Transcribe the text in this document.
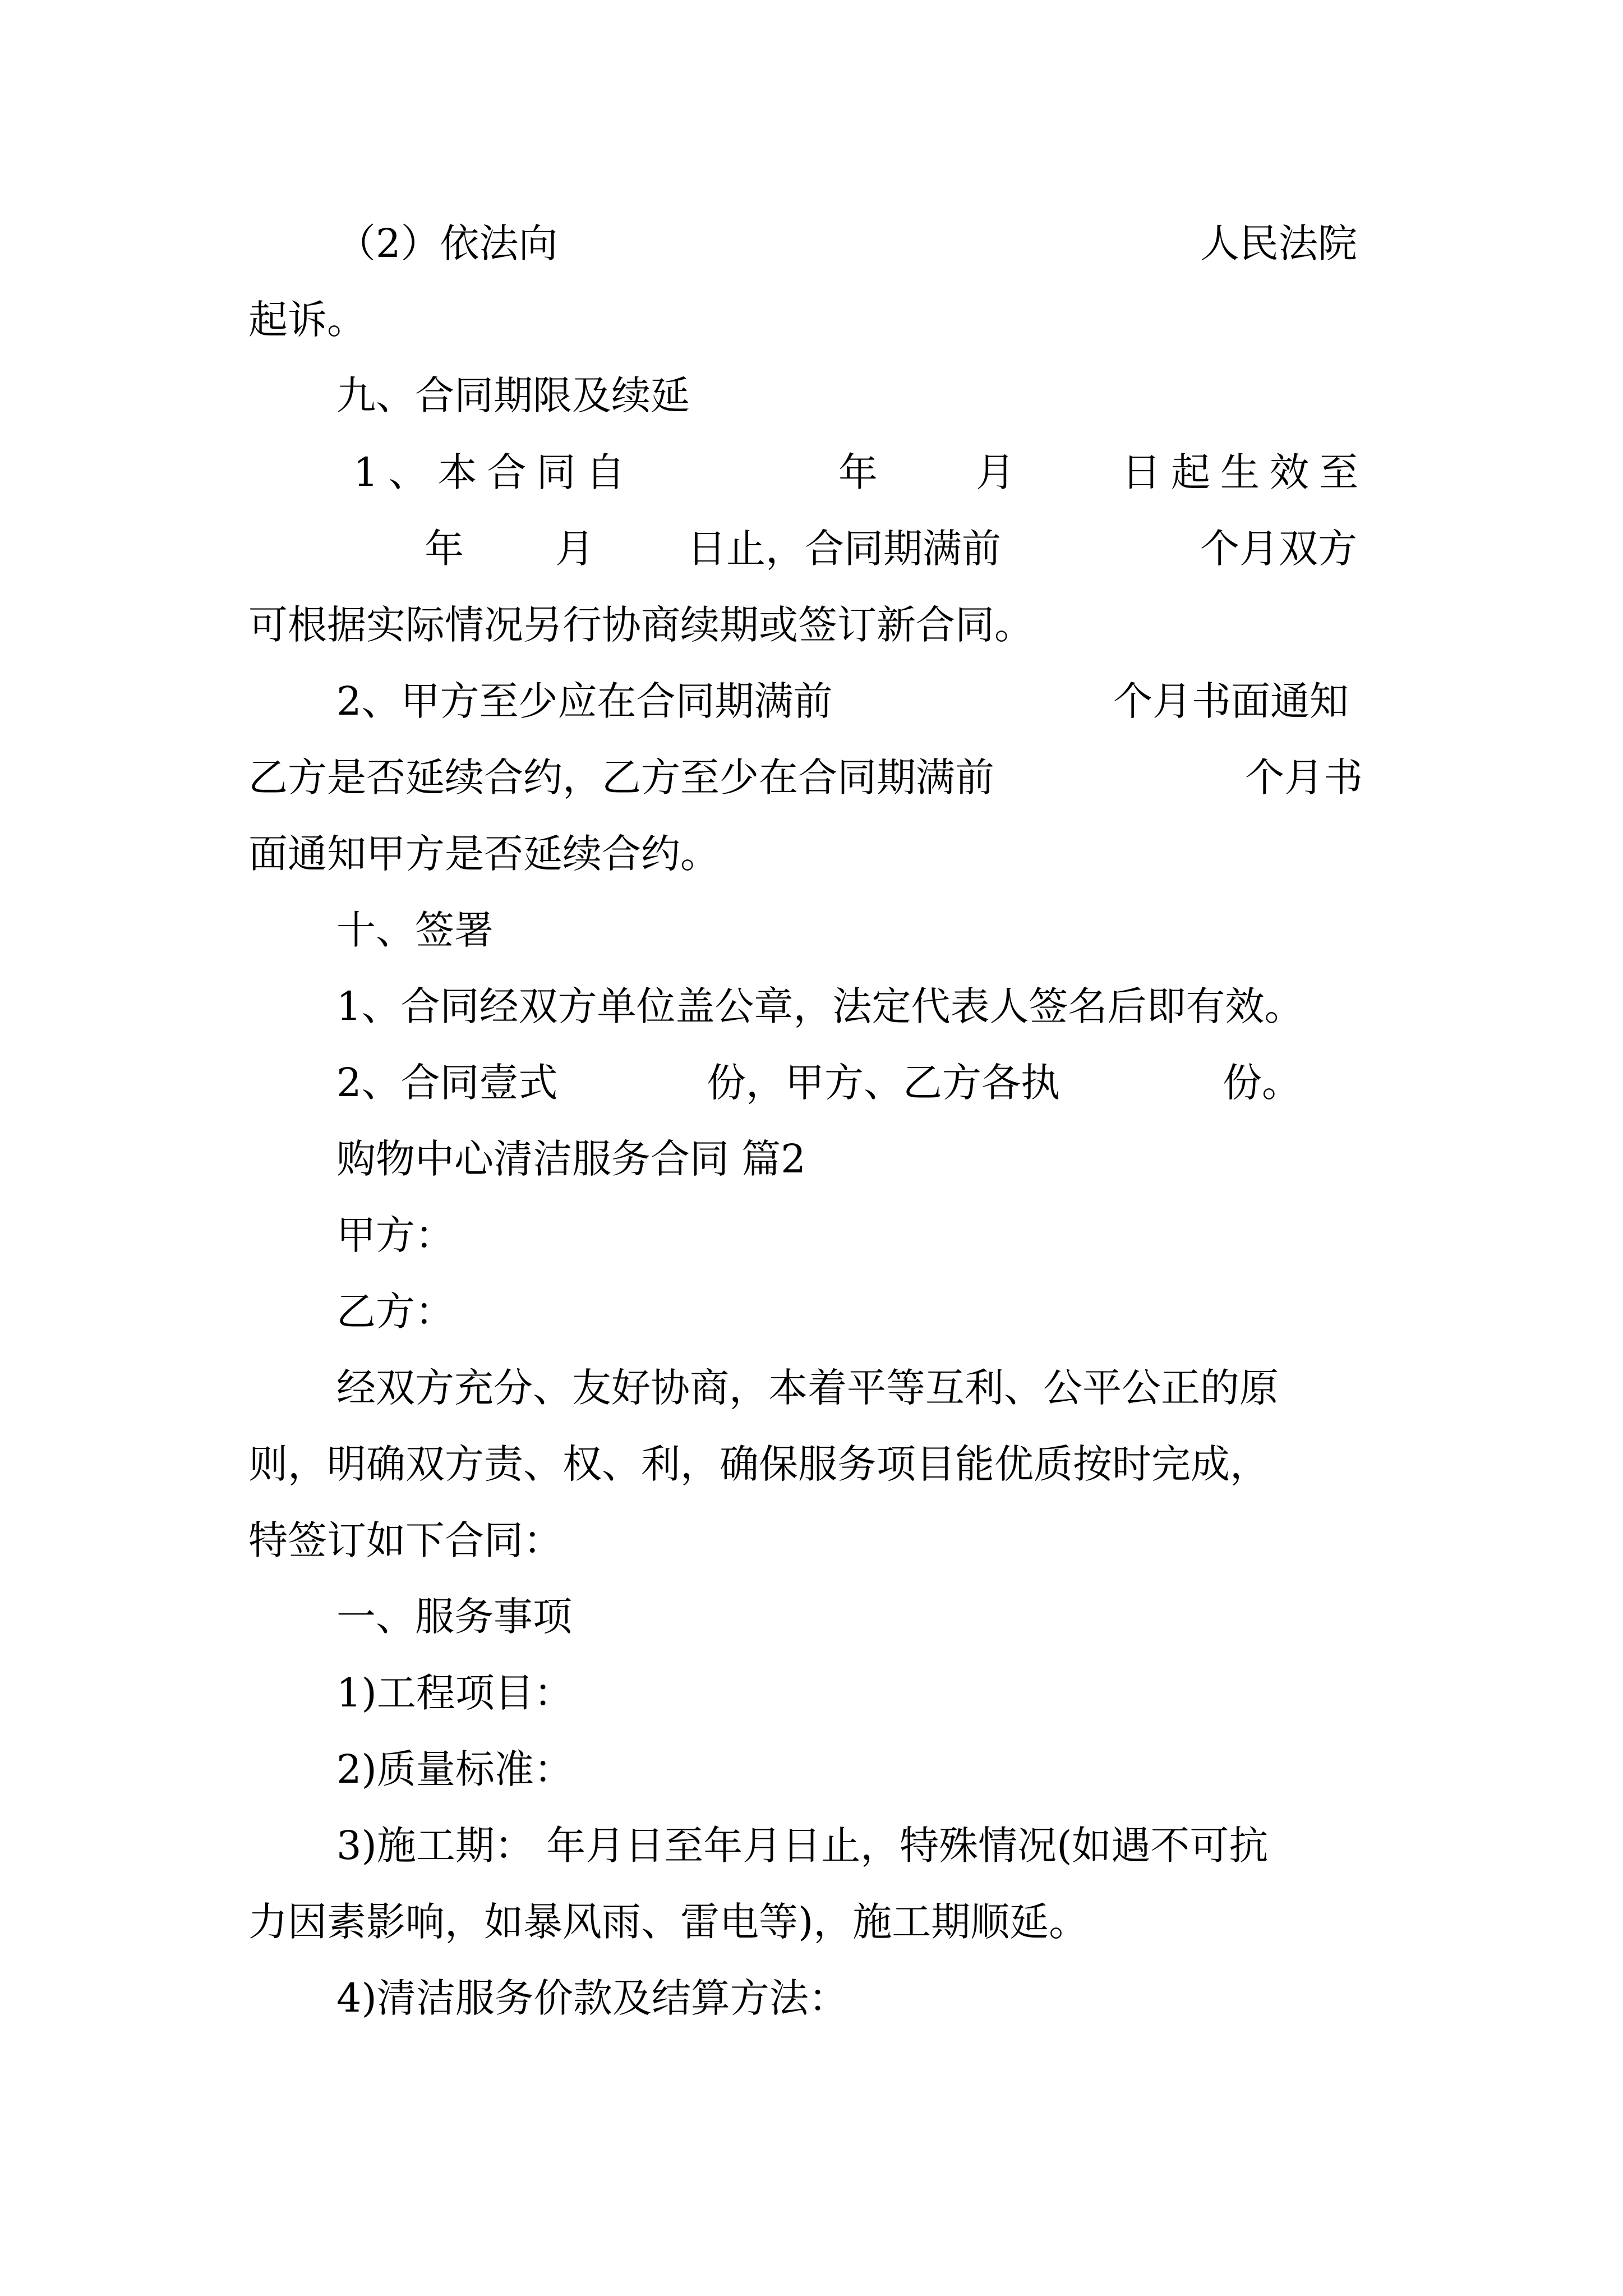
（2）依法向	人民法院
起诉。
九、合同期限及续延
1、本合同自	年	月	日起生效至
年 月 日止，合同期满前	个月双方
可根据实际情况另行协商续期或签订新合同。
2、甲方至少应在合同期满前	个月书面通知
乙方是否延续合约，乙方至少在合同期满前	个月书
面通知甲方是否延续合约。
十、签署
1、合同经双方单位盖公章，法定代表人签名后即有效。
2、合同壹式	份，甲方、乙方各执	份。
购物中心清洁服务合同 篇2
甲方：
乙方：
经双方充分、友好协商，本着平等互利、公平公正的原
则，明确双方责、权、利，确保服务项目能优质按时完成，
特签订如下合同：
一、服务事项
1)工程项目：
2)质量标准：
3)施工期： 年月日至年月日止，特殊情况(如遇不可抗
力因素影响，如暴风雨、雷电等)，施工期顺延。
4)清洁服务价款及结算方法：
